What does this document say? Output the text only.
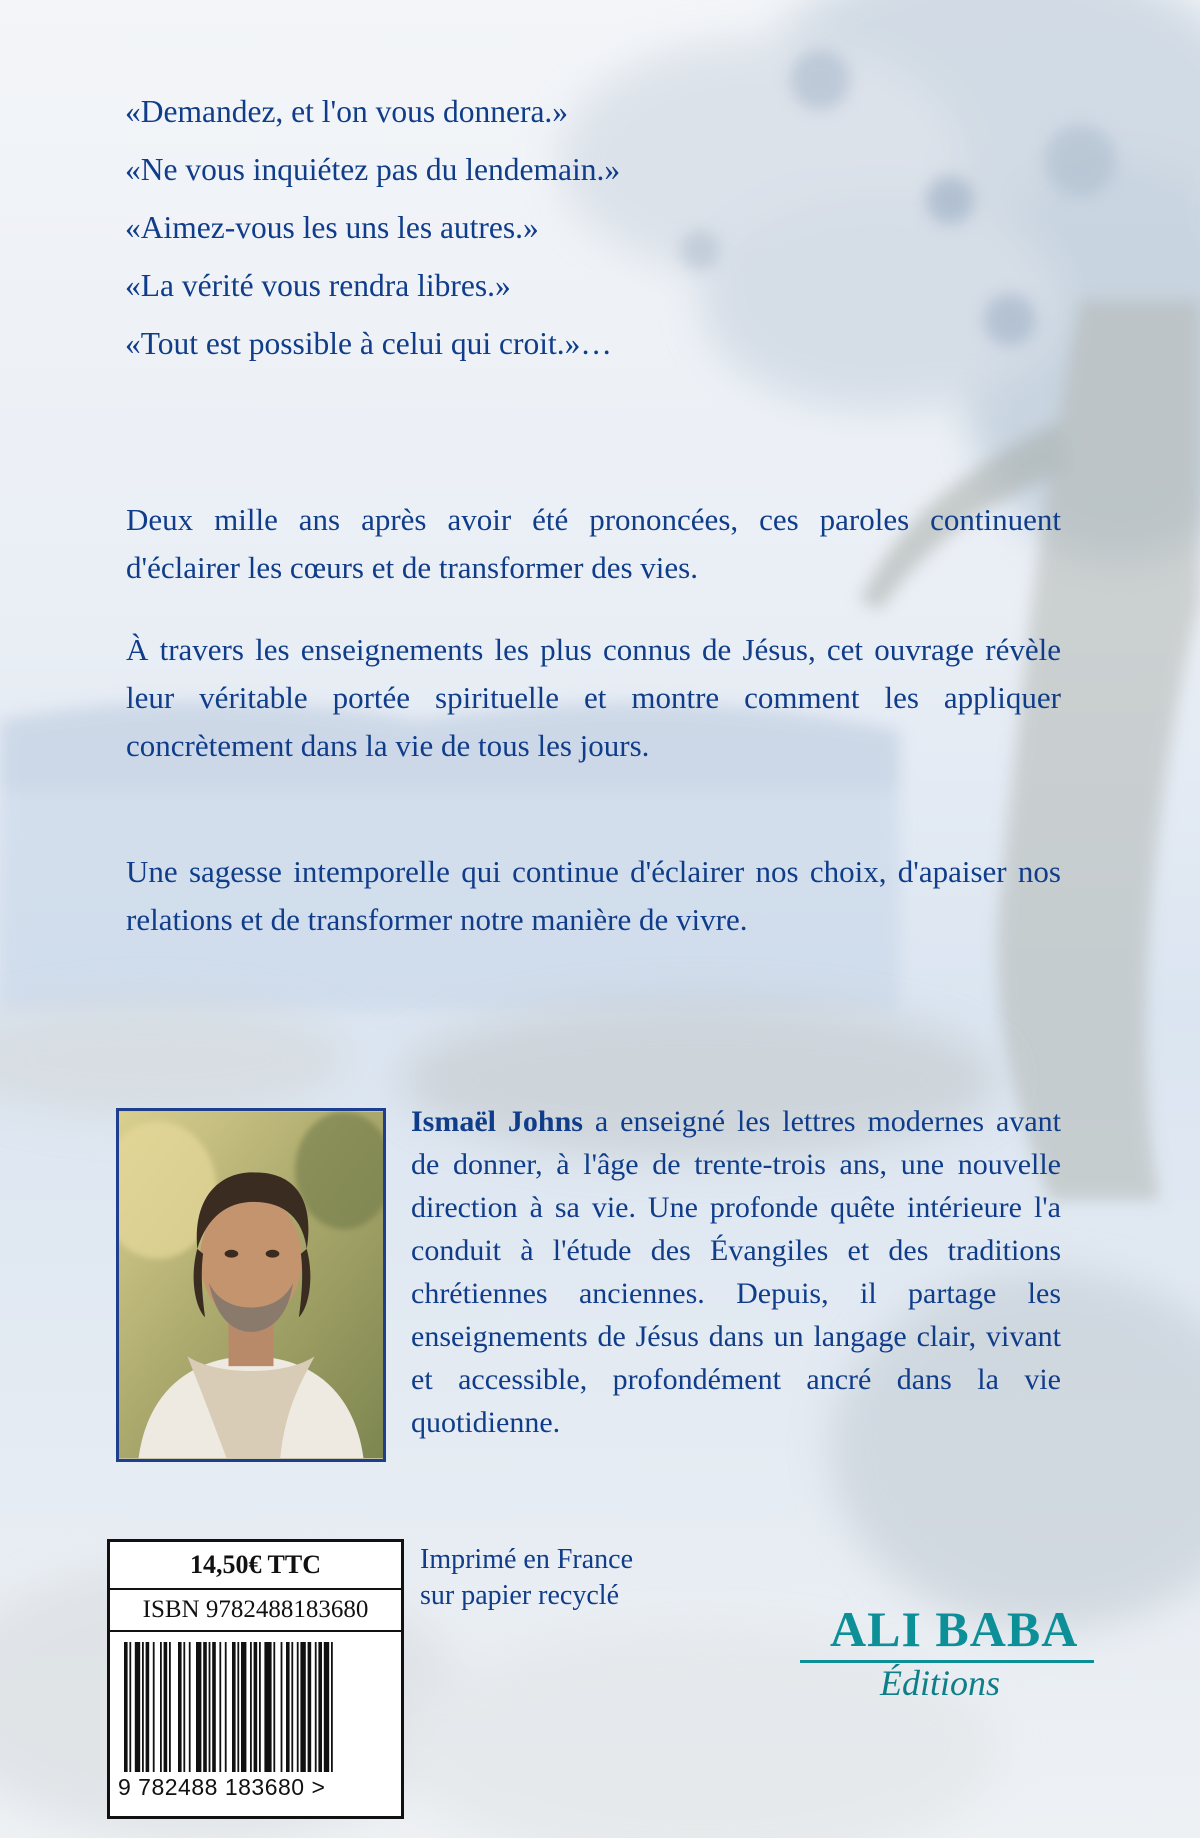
«Demandez, et l'on vous donnera.»

«Ne vous inquiétez pas du lendemain.»

«Aimez-vous les uns les autres.»

«La vérité vous rendra libres.»

«Tout est possible à celui qui croit.»…

Deux mille ans après avoir été prononcées, ces paroles continuent d'éclairer les cœurs et de transformer des vies.

À travers les enseignements les plus connus de Jésus, cet ouvrage révèle leur véritable portée spirituelle et montre comment les appliquer concrètement dans la vie de tous les jours.

Une sagesse intemporelle qui continue d'éclairer nos choix, d'apaiser nos relations et de transformer notre manière de vivre.

Ismaël Johns a enseigné les lettres modernes avant de donner, à l'âge de trente-trois ans, une nouvelle direction à sa vie. Une profonde quête intérieure l'a conduit à l'étude des Évangiles et des traditions chrétiennes anciennes. Depuis, il partage les enseignements de Jésus dans un langage clair, vivant et accessible, profondément ancré dans la vie quotidienne.

14,50€ TTC
ISBN 9782488183680
9 782488 183680 >

Imprimé en France
sur papier recyclé

ALI BABA
Éditions
